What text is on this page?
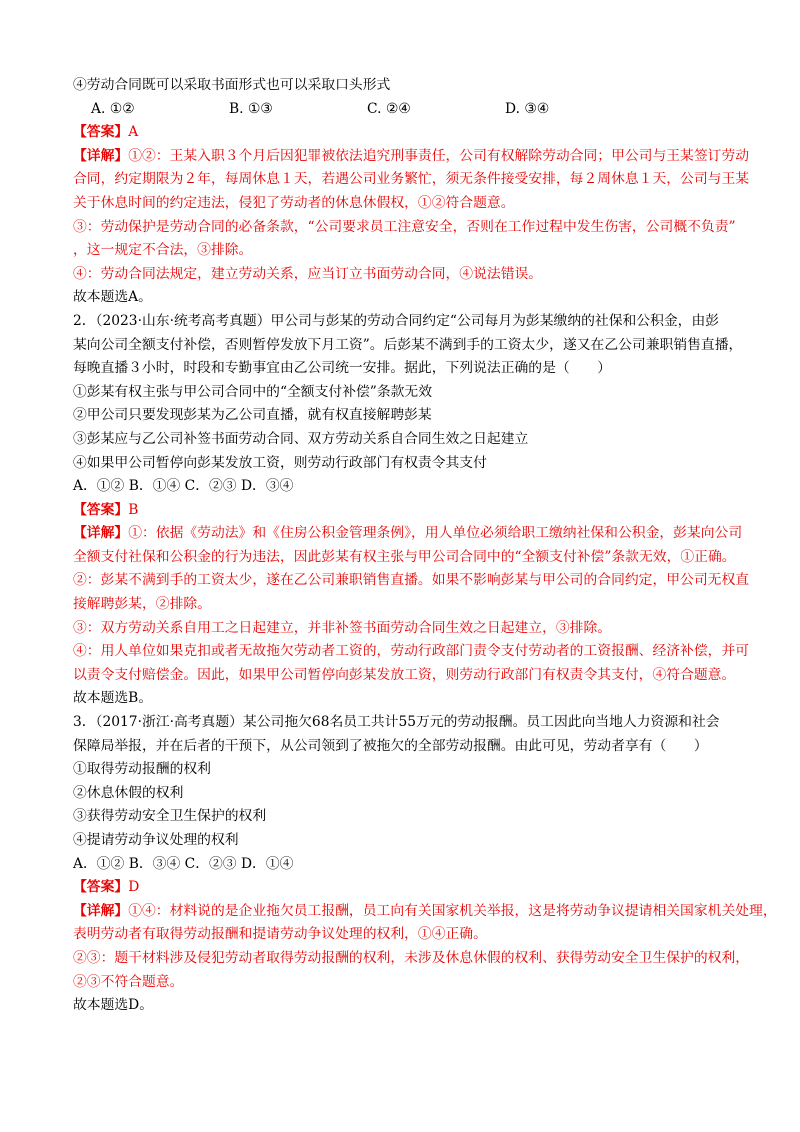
④劳动合同既可以采取书面形式也可以采取口头形式
A. ①②	B. ①③	C. ②④	D. ③④
【答案】A
【详解】①②：王某入职３个月后因犯罪被依法追究刑事责任，公司有权解除劳动合同；甲公司与王某签订劳动
合同，约定期限为２年，每周休息１天，若遇公司业务繁忙，须无条件接受安排，每２周休息１天，公司与王某
关于休息时间的约定违法，侵犯了劳动者的休息休假权，①②符合题意。
③：劳动保护是劳动合同的必备条款，“公司要求员工注意安全，否则在工作过程中发生伤害，公司概不负责”
，这一规定不合法，③排除。
④：劳动合同法规定，建立劳动关系，应当订立书面劳动合同，④说法错误。
故本题选A。
2．（2023·山东·统考高考真题）甲公司与彭某的劳动合同约定“公司每月为彭某缴纳的社保和公积金，由彭
某向公司全额支付补偿，否则暂停发放下月工资”。后彭某不满到手的工资太少，遂又在乙公司兼职销售直播，
每晚直播３小时，时段和专勤事宜由乙公司统一安排。据此，下列说法正确的是（　　）
①彭某有权主张与甲公司合同中的“全额支付补偿”条款无效
②甲公司只要发现彭某为乙公司直播，就有权直接解聘彭某
③彭某应与乙公司补签书面劳动合同、双方劳动关系自合同生效之日起建立
④如果甲公司暂停向彭某发放工资，则劳动行政部门有权责令其支付
A．①② B．①④ C．②③ D．③④
【答案】B
【详解】①：依据《劳动法》和《住房公积金管理条例》，用人单位必须给职工缴纳社保和公积金，彭某向公司
全额支付社保和公积金的行为违法，因此彭某有权主张与甲公司合同中的“全额支付补偿”条款无效，①正确。
②：彭某不满到手的工资太少，遂在乙公司兼职销售直播。如果不影响彭某与甲公司的合同约定，甲公司无权直
接解聘彭某，②排除。
③：双方劳动关系自用工之日起建立，并非补签书面劳动合同生效之日起建立，③排除。
④：用人单位如果克扣或者无故拖欠劳动者工资的，劳动行政部门责令支付劳动者的工资报酬、经济补偿，并可
以责令支付赔偿金。因此，如果甲公司暂停向彭某发放工资，则劳动行政部门有权责令其支付，④符合题意。
故本题选B。
3．（2017·浙江·高考真题）某公司拖欠68名员工共计55万元的劳动报酬。员工因此向当地人力资源和社会
保障局举报，并在后者的干预下，从公司领到了被拖欠的全部劳动报酬。由此可见，劳动者享有（　　）
①取得劳动报酬的权利
②休息休假的权利
③获得劳动安全卫生保护的权利
④提请劳动争议处理的权利
A．①② B．③④ C．②③ D．①④
【答案】D
【详解】①④：材料说的是企业拖欠员工报酬，员工向有关国家机关举报，这是将劳动争议提请相关国家机关处理，
表明劳动者有取得劳动报酬和提请劳动争议处理的权利，①④正确。
②③：题干材料涉及侵犯劳动者取得劳动报酬的权利，未涉及休息休假的权利、获得劳动安全卫生保护的权利，
②③不符合题意。
故本题选D。
